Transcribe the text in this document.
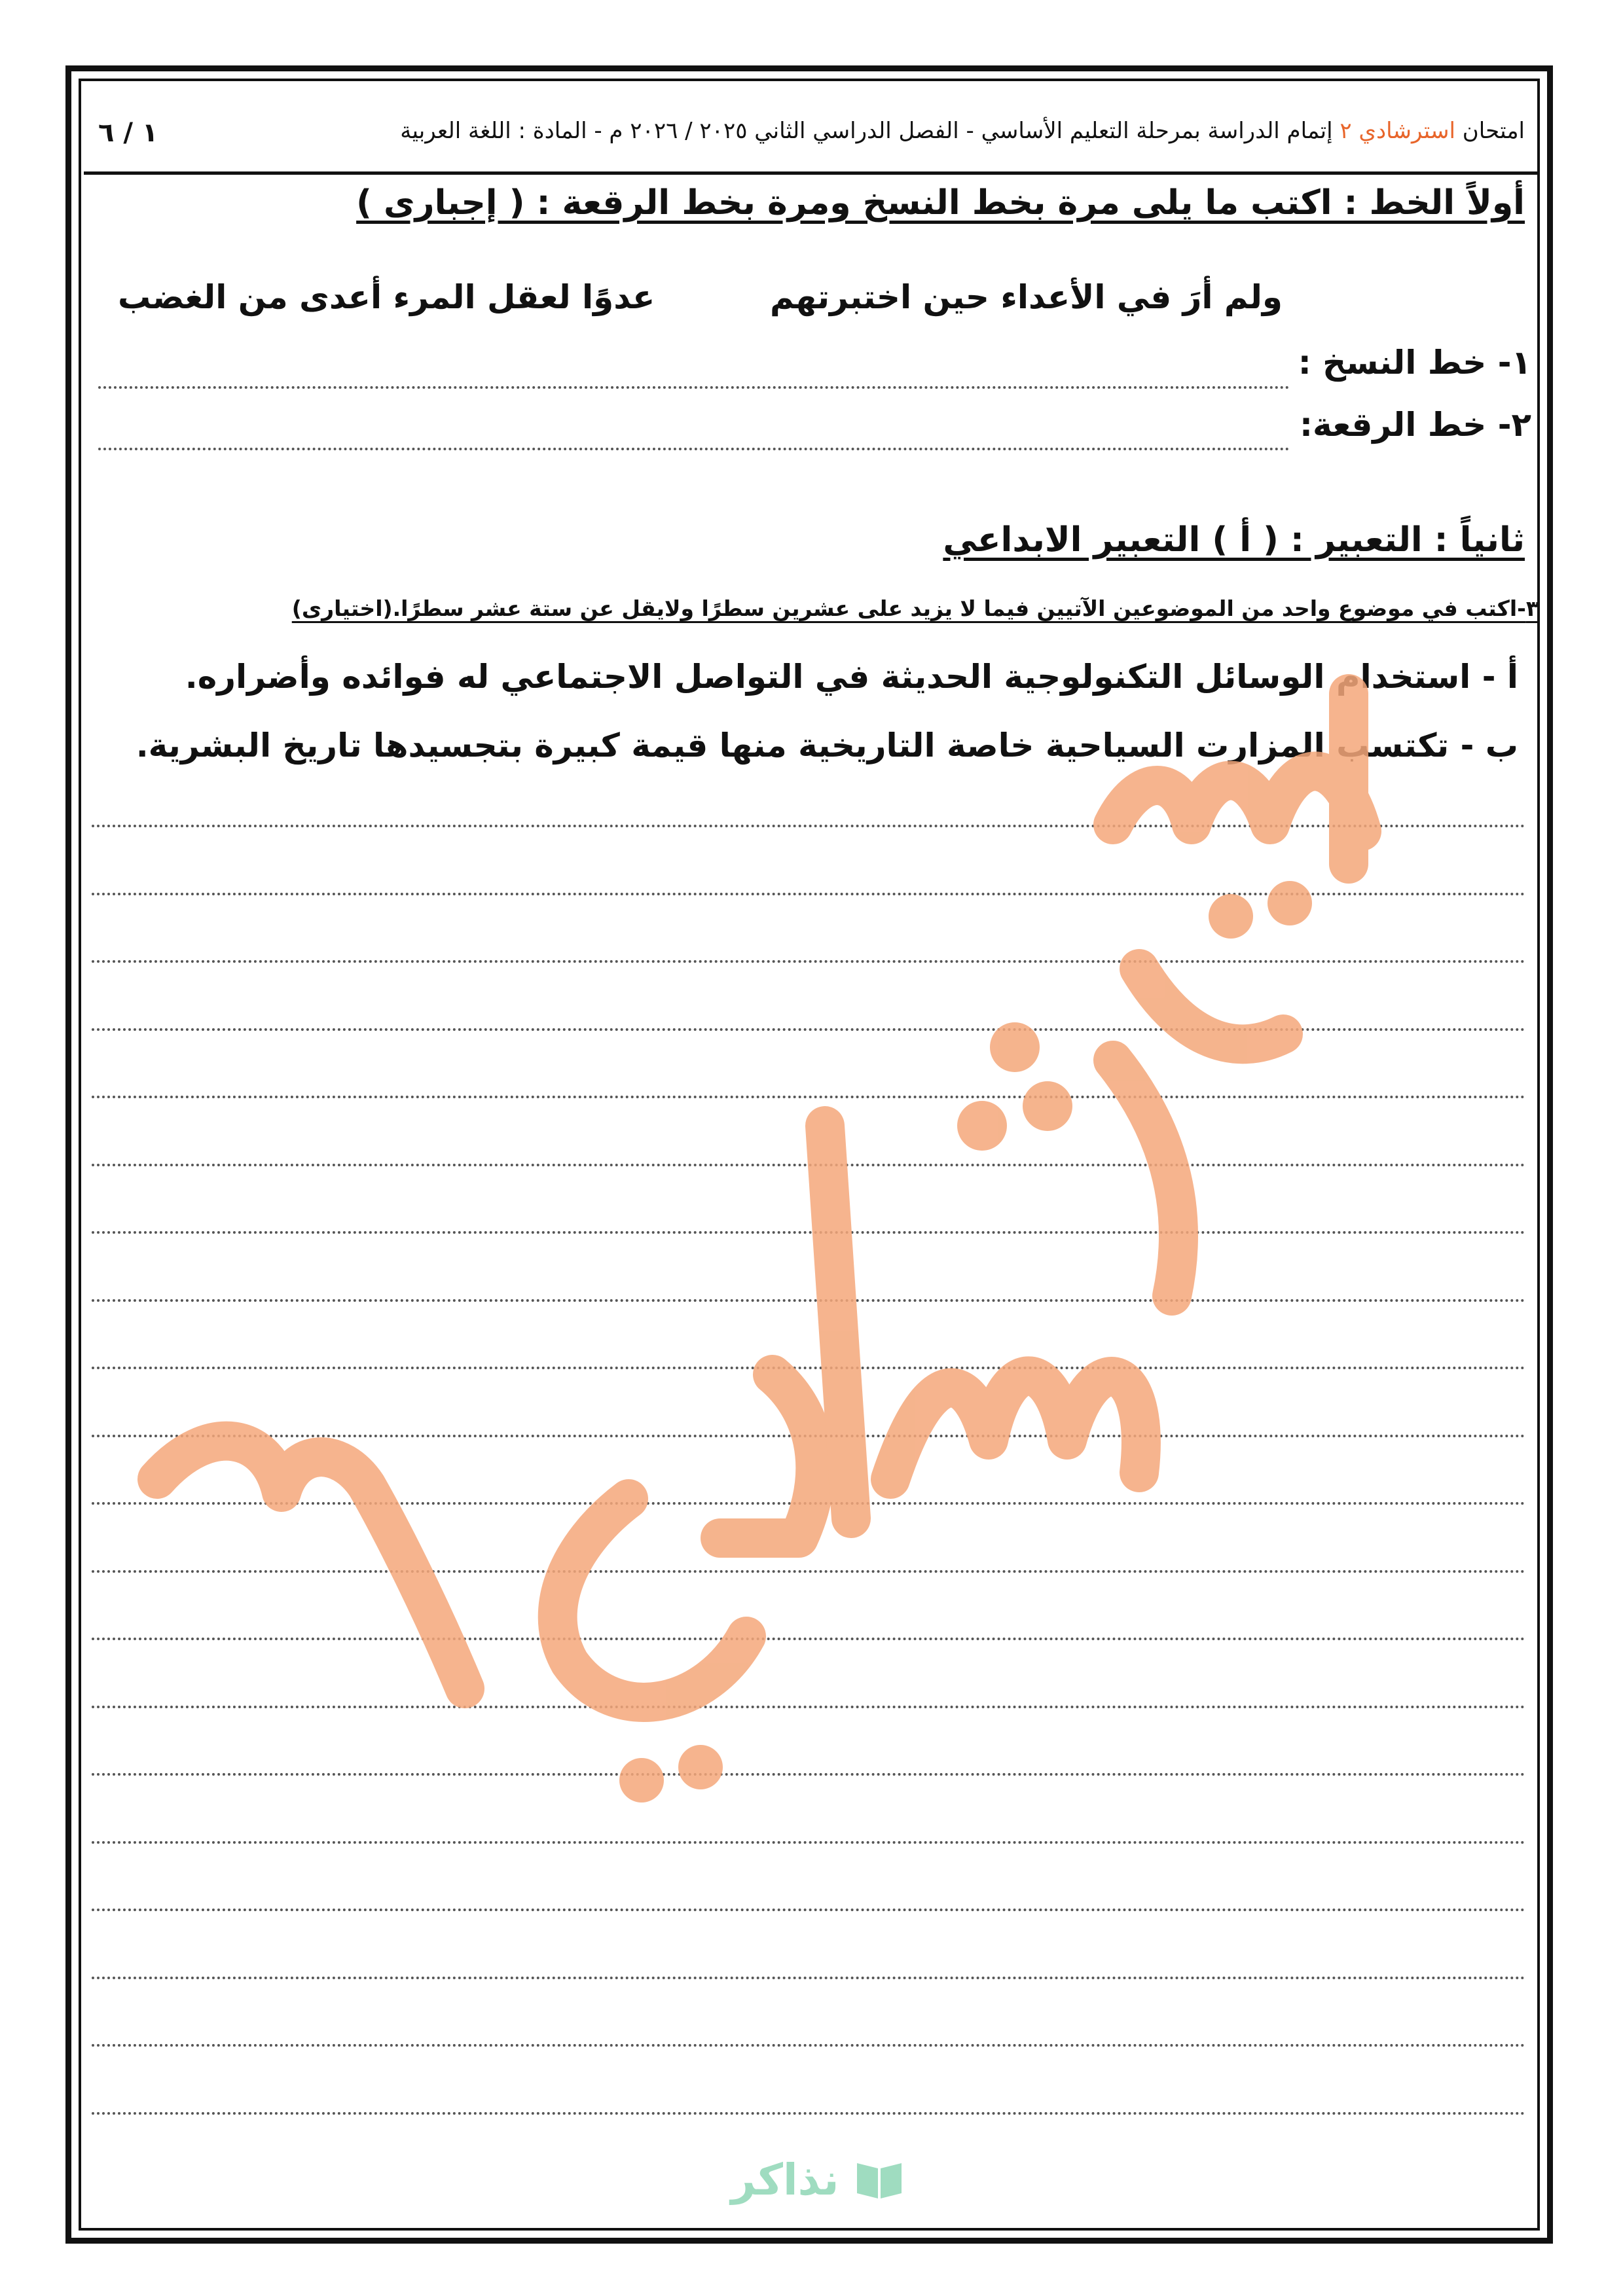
امتحان استرشادي ٢ إتمام الدراسة بمرحلة التعليم الأساسي - الفصل الدراسي الثاني ٢٠٢٥ / ٢٠٢٦ م - المادة : اللغة العربية
١ / ٦
أولاً الخط : اكتب ما يلى مرة بخط النسخ ومرة بخط الرقعة : ( إجبارى )
ولم أرَ في الأعداء حين اختبرتهم
عدوًا لعقل المرء أعدى من الغضب
١- خط النسخ :
٢- خط الرقعة:
ثانياً : التعبير : ( أ ) التعبير الابداعي
٣-اكتب في موضوع واحد من الموضوعين الآتيين فيما لا يزيد على عشرين سطرًا ولايقل عن ستة عشر سطرًا.(اختيارى)
أ - استخدام الوسائل التكنولوجية الحديثة في التواصل الاجتماعي له فوائده وأضراره.
ب - تكتسب المزارت السياحية خاصة التاريخية منها قيمة كبيرة بتجسيدها تاريخ البشرية.
نذاكر
